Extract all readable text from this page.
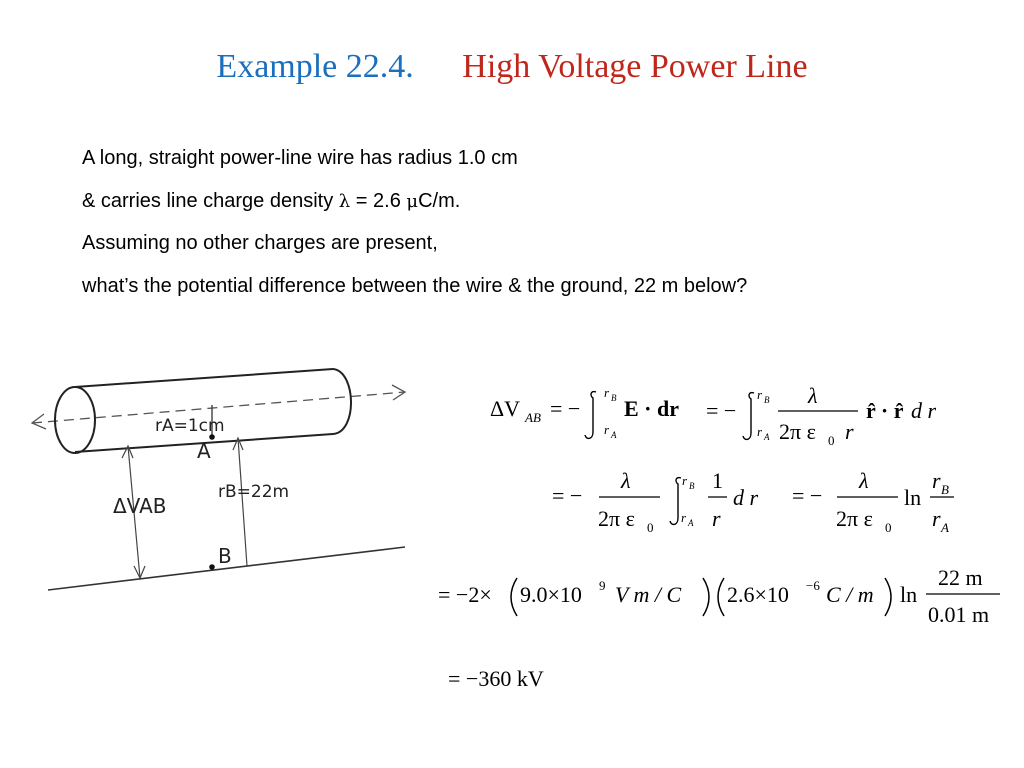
Example 22.4. High Voltage Power Line

A long, straight power-line wire has radius 1.0 cm

& carries line charge density λ = 2.6 μC/m.

Assuming no other charges are present,

what’s the potential difference between the wire & the ground, 22 m below?

rA=1cm
A
ΔVAB
rB=22m
B
ΔV AB = −
r B
r A
E · dr = −
r B
r A
λ
2π ε 0 r
r̂ · r̂ d r
= −
λ
2π ε 0
r B
r A
1
r
d r = −
λ
2π ε 0
ln
r B
r A
= −2× 9.0×10 9 V m / C 2.6×10 −6 C / m ln
22 m
0.01 m
= −360 kV
